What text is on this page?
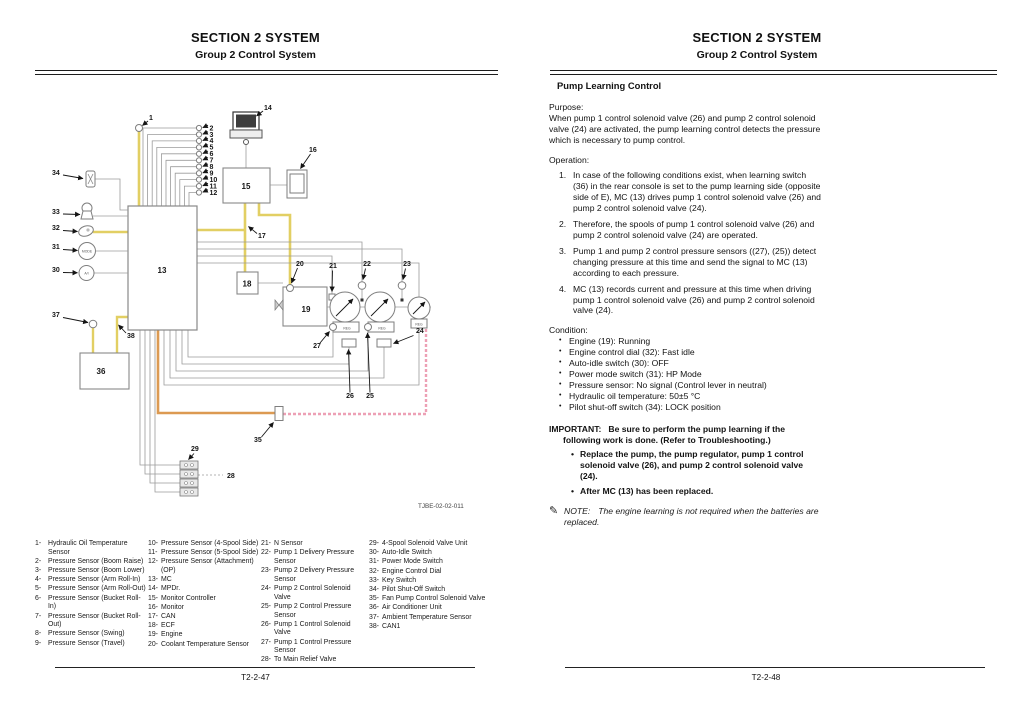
SECTION 2 SYSTEM
Group 2 Control System
13
15
18
19
REG	REG
REG
MODE
A/I
36
1
2
3
4
5
6
7
8
9
10
11
12
14
16
17
20	21	22	23
27
26 25
24
35
29
28
34
33
32
31
30
37
38
TJBE-02-02-011
1- Hydraulic Oil Temperature Sensor
2- Pressure Sensor (Boom Raise)
3- Pressure Sensor (Boom Lower)
4- Pressure Sensor (Arm Roll-In)
5- Pressure Sensor (Arm Roll-Out)
6- Pressure Sensor (Bucket Roll-In)
7- Pressure Sensor (Bucket Roll-Out)
8- Pressure Sensor (Swing)
9- Pressure Sensor (Travel)
10- Pressure Sensor (4-Spool Side)
11- Pressure Sensor (5-Spool Side)
12- Pressure Sensor (Attachment) (OP)
13- MC
14- MPDr.
15- Monitor Controller
16- Monitor
17- CAN
18- ECF
19- Engine
20- Coolant Temperature Sensor
21- N Sensor
22- Pump 1 Delivery Pressure Sensor
23- Pump 2 Delivery Pressure Sensor
24- Pump 2 Control Solenoid Valve
25- Pump 2 Control Pressure Sensor
26- Pump 1 Control Solenoid Valve
27- Pump 1 Control Pressure Sensor
28- To Main Relief Valve
29- 4-Spool Solenoid Valve Unit
30- Auto-Idle Switch
31- Power Mode Switch
32- Engine Control Dial
33- Key Switch
34- Pilot Shut-Off Switch
35- Fan Pump Control Solenoid Valve
36- Air Conditioner Unit
37- Ambient Temperature Sensor
38- CAN1
T2-2-47
SECTION 2 SYSTEM
Group 2 Control System
Pump Learning Control
Purpose:

When pump 1 control solenoid valve (26) and pump 2 control solenoid valve (24) are activated, the pump learning control detects the pressure which is necessary to pump control.

Operation:
1. In case of the following conditions exist, when learning switch (36) in the rear console is set to the pump learning side (opposite side of E), MC (13) drives pump 1 control solenoid valve (26) and pump 2 control solenoid valve (24).
2. Therefore, the spools of pump 1 control solenoid valve (26) and pump 2 control solenoid valve (24) are operated.
3. Pump 1 and pump 2 control pressure sensors ((27), (25)) detect changing pressure at this time and send the signal to MC (13) according to each pressure.
4. MC (13) records current and pressure at this time when driving pump 1 control solenoid valve (26) and pump 2 control solenoid valve (24).
Condition:
• Engine (19): Running
• Engine control dial (32): Fast idle
• Auto-idle switch (30): OFF
• Power mode switch (31): HP Mode
• Pressure sensor: No signal (Control lever in neutral)
• Hydraulic oil temperature: 50±5 °C
• Pilot shut-off switch (34): LOCK position
IMPORTANT: Be sure to perform the pump learning if the following work is done. (Refer to Troubleshooting.)
• Replace the pump, the pump regulator, pump 1 control solenoid valve (26), and pump 2 control solenoid valve (24).
• After MC (13) has been replaced.
✎ NOTE: The engine learning is not required when the batteries are replaced.
T2-2-48
